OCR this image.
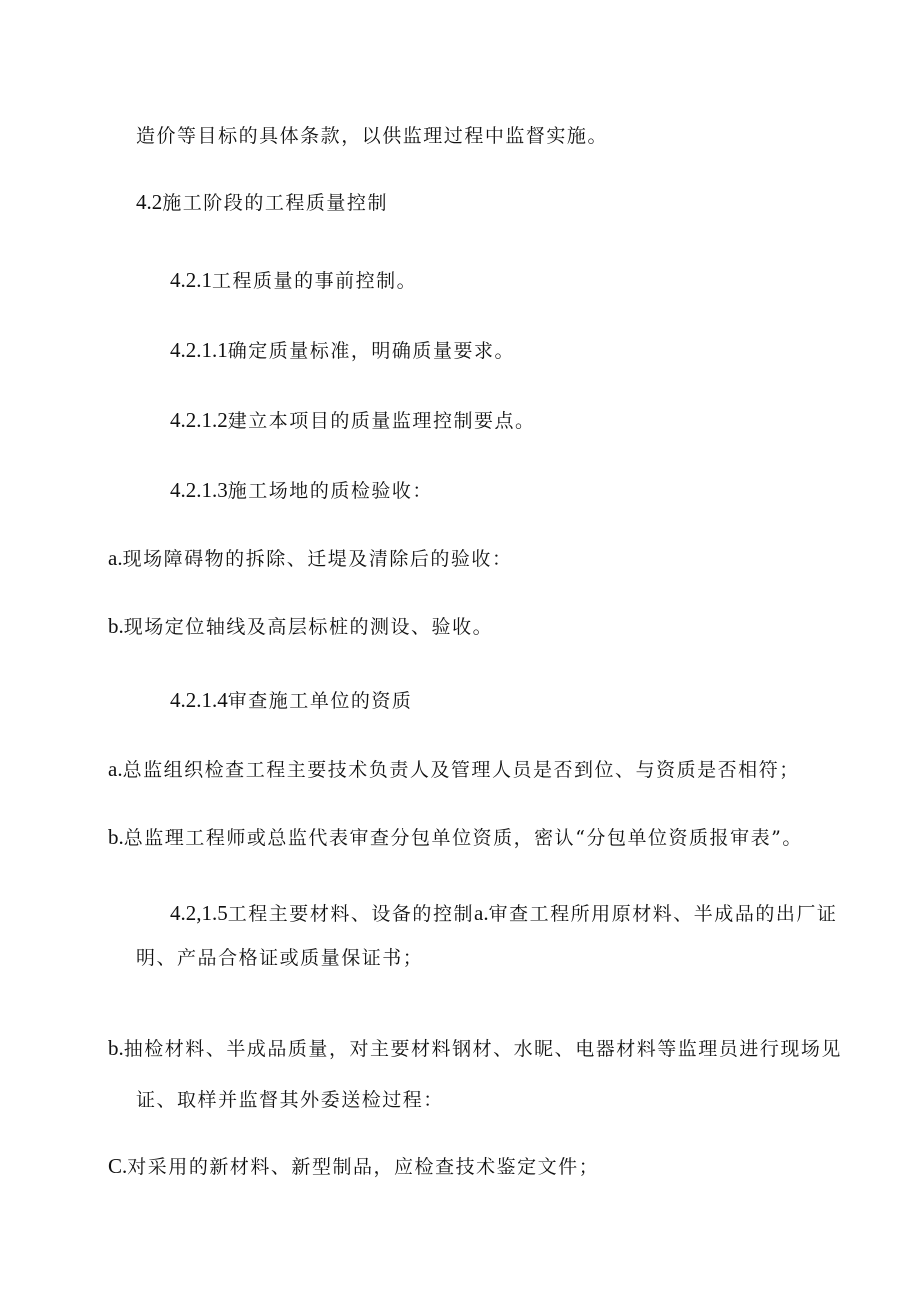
造价等目标的具体条款，以供监理过程中监督实施。
4.2施工阶段的工程质量控制
4.2.1工程质量的事前控制。
4.2.1.1确定质量标准，明确质量要求。
4.2.1.2建立本项目的质量监理控制要点。
4.2.1.3施工场地的质检验收：
a.现场障碍物的拆除、迁堤及清除后的验收：
b.现场定位轴线及高层标桩的测设、验收。
4.2.1.4审查施工单位的资质
a.总监组织检查工程主要技术负责人及管理人员是否到位、与资质是否相符；
b.总监理工程师或总监代表审查分包单位资质，密认“分包单位资质报审表”。
4.2,1.5工程主要材料、设备的控制a.审查工程所用原材料、半成品的出厂证
明、产品合格证或质量保证书；
b.抽检材料、半成品质量，对主要材料钢材、水昵、电器材料等监理员进行现场见
证、取样并监督其外委送检过程：
C.对采用的新材料、新型制品，应检查技术鉴定文件；
